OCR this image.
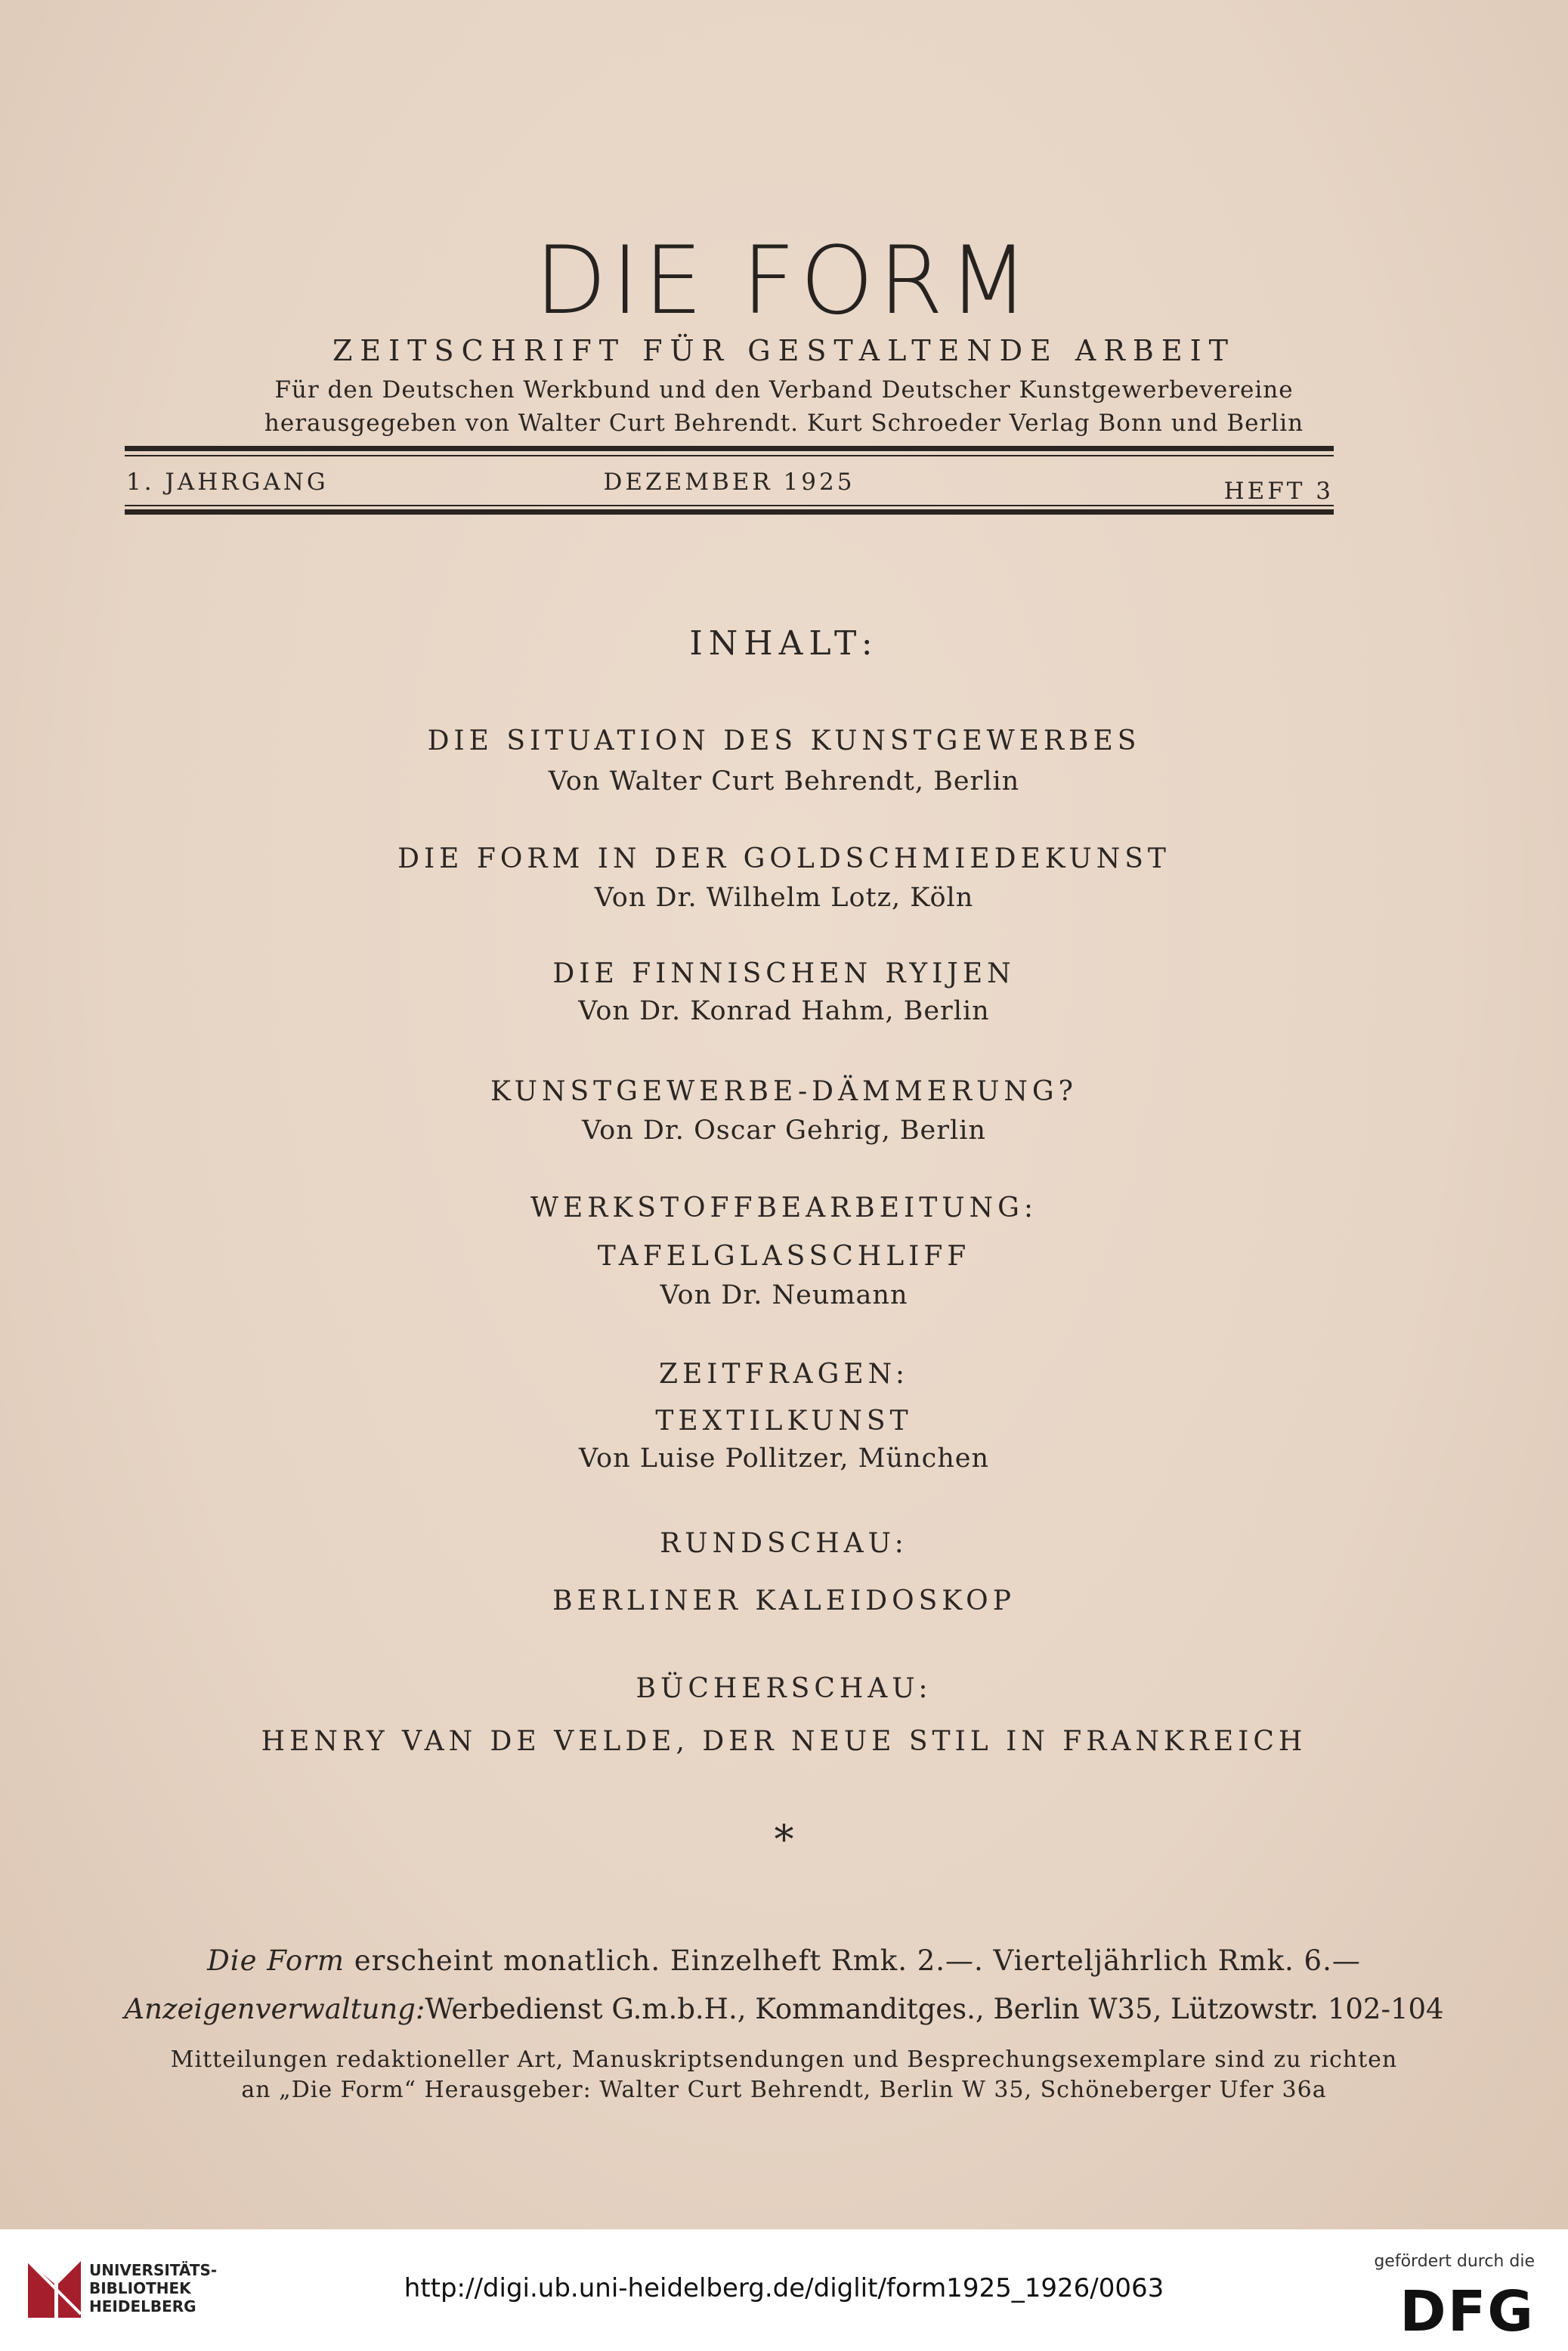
DIE FORM
ZEITSCHRIFT FÜR GESTALTENDE ARBEIT
Für den Deutschen Werkbund und den Verband Deutscher Kunstgewerbevereine
herausgegeben von Walter Curt Behrendt. Kurt Schroeder Verlag Bonn und Berlin
1. JAHRGANG	DEZEMBER 1925	HEFT 3
INHALT:
DIE SITUATION DES KUNSTGEWERBES
Von Walter Curt Behrendt, Berlin
DIE FORM IN DER GOLDSCHMIEDEKUNST
Von Dr. Wilhelm Lotz, Köln
DIE FINNISCHEN RYIJEN
Von Dr. Konrad Hahm, Berlin
KUNSTGEWERBE-DÄMMERUNG?
Von Dr. Oscar Gehrig, Berlin
WERKSTOFFBEARBEITUNG:
TAFELGLASSCHLIFF
Von Dr. Neumann
ZEITFRAGEN:
TEXTILKUNST
Von Luise Pollitzer, München
RUNDSCHAU:
BERLINER KALEIDOSKOP
BÜCHERSCHAU:
HENRY VAN DE VELDE, DER NEUE STIL IN FRANKREICH
*
Die Form erscheint monatlich. Einzelheft Rmk. 2.—. Vierteljährlich Rmk. 6.—
Anzeigenverwaltung:Werbedienst G.m.b.H., Kommanditges., Berlin W35, Lützowstr. 102-104
Mitteilungen redaktioneller Art, Manuskriptsendungen und Besprechungsexemplare sind zu richten
an „Die Form“ Herausgeber: Walter Curt Behrendt, Berlin W 35, Schöneberger Ufer 36a
UNIVERSITÄTS-
BIBLIOTHEK
HEIDELBERG
http://digi.ub.uni-heidelberg.de/diglit/form1925_1926/0063
gefördert durch die
DFG
